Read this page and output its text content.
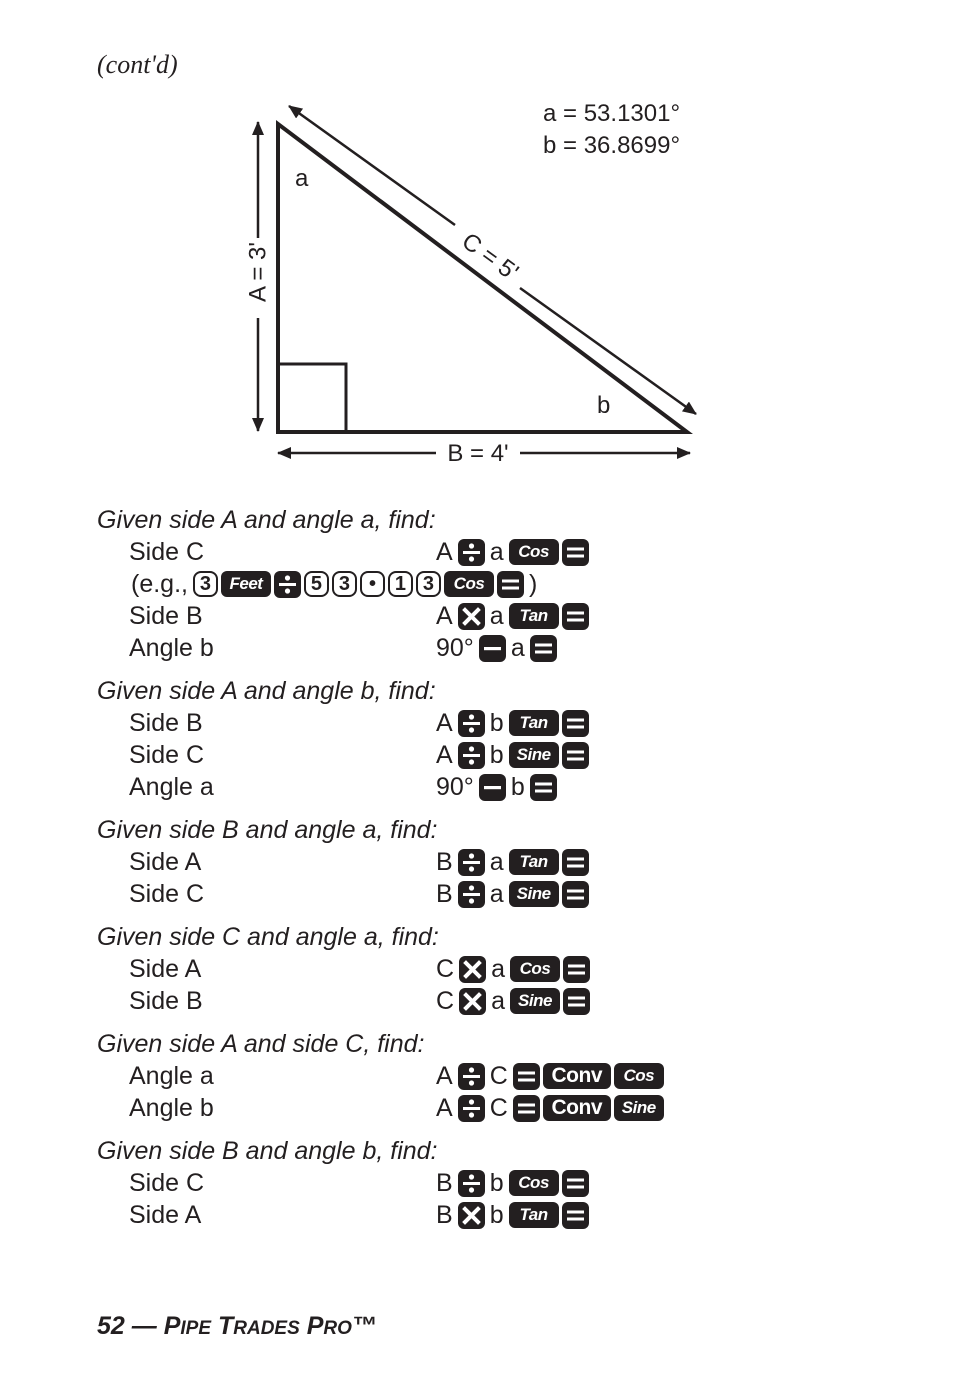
(cont'd)
A = 3'
B = 4'
C = 5'
a
b
a = 53.1301°
b = 36.8699°
Given side A and angle a, find:
Side C	A a Cos
(e.g., 3	Feet	5 3 • 1 3	Cos	)
Side B	A a Tan
Angle b	90° a
Given side A and angle b, find:
Side B	A b Tan
Side C	A b Sine
Angle a	90° b
Given side B and angle a, find:
Side A	B a Tan
Side C	B a Sine
Given side C and angle a, find:
Side A	C a Cos
Side B	C a Sine
Given side A and side C, find:
Angle a	A C	Conv	Cos
Angle b	A C	Conv	Sine
Given side B and angle b, find:
Side C	B b Cos
Side A	B b Tan
52 — PIPE TRADES PRO™
